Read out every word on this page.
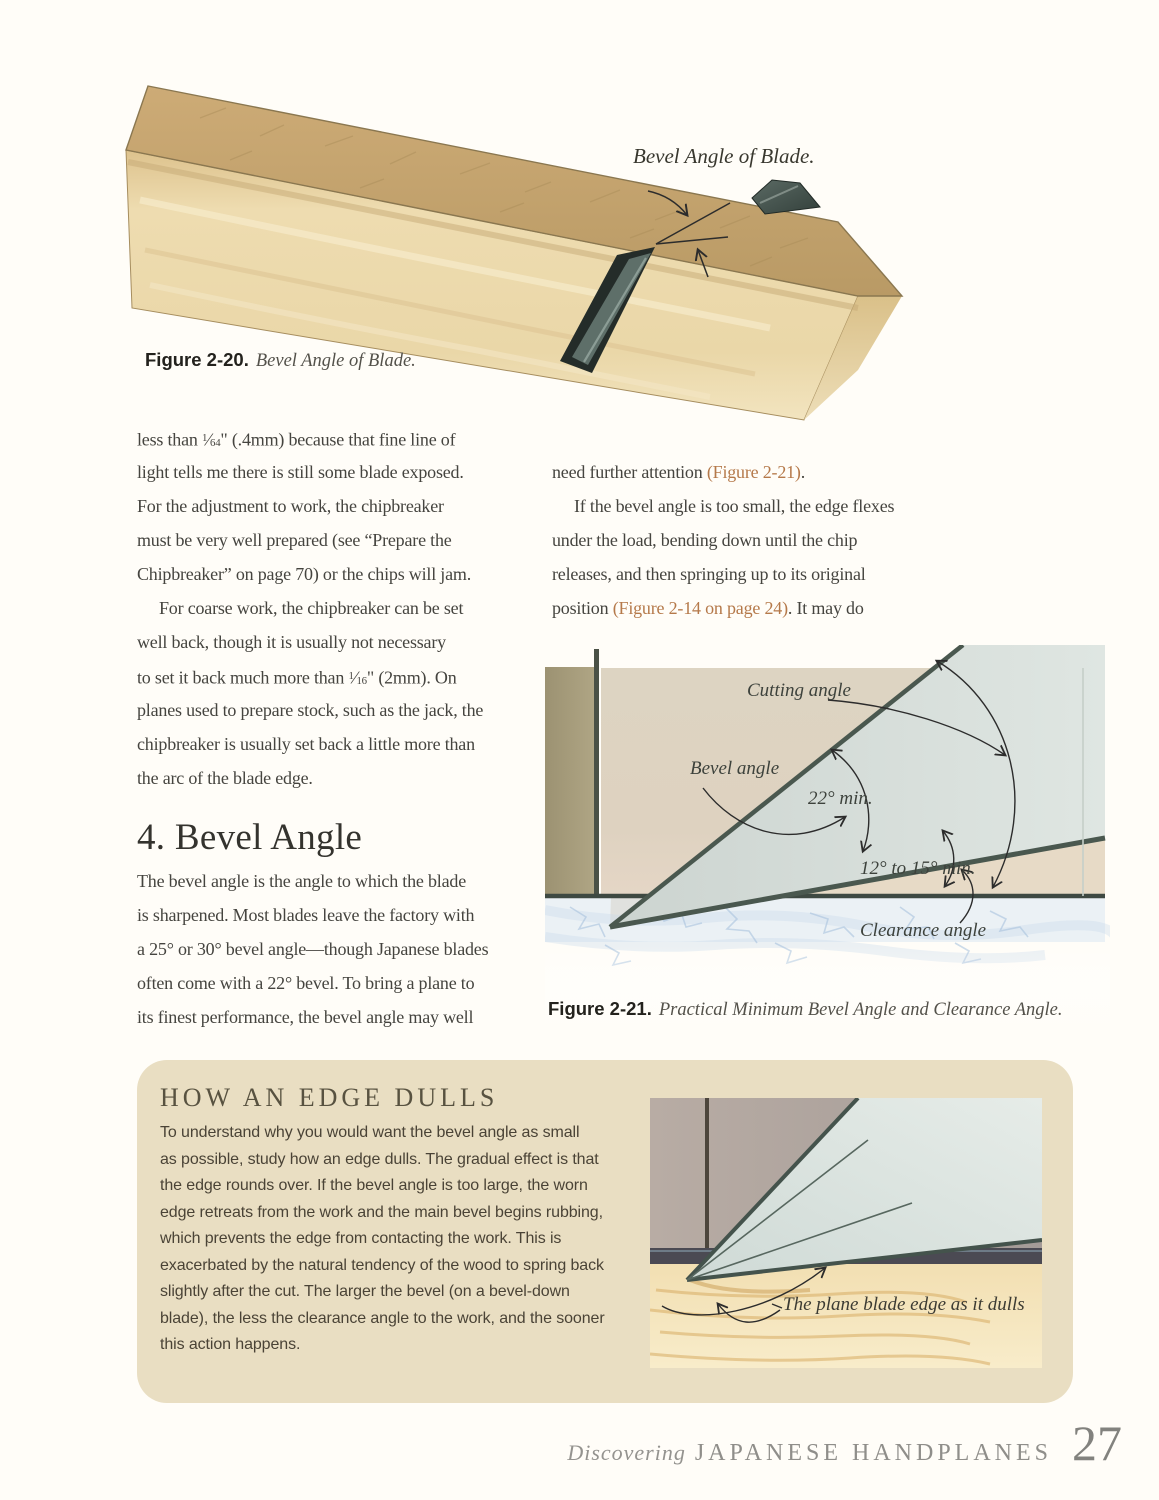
Bevel Angle of Blade.
Figure 2-20. Bevel Angle of Blade.
less than $^1$⁄64" (.4mm) because that fine line of
light tells me there is still some blade exposed.
For the adjustment to work, the chipbreaker
must be very well prepared (see “Prepare the
Chipbreaker” on page 70) or the chips will jam.
For coarse work, the chipbreaker can be set
well back, though it is usually not necessary
to set it back much more than $^1$⁄16" (2mm). On
planes used to prepare stock, such as the jack, the
chipbreaker is usually set back a little more than
the arc of the blade edge.
4. Bevel Angle
The bevel angle is the angle to which the blade
is sharpened. Most blades leave the factory with
a 25° or 30° bevel angle—though Japanese blades
often come with a 22° bevel. To bring a plane to
its finest performance, the bevel angle may well
need further attention (Figure 2-21).
If the bevel angle is too small, the edge flexes
under the load, bending down until the chip
releases, and then springing up to its original
position (Figure 2-14 on page 24). It may do
Cutting angle
Bevel angle
22° min.
12° to 15° min.
Clearance angle
Figure 2-21. Practical Minimum Bevel Angle and Clearance Angle.
HOW AN EDGE DULLS
To understand why you would want the bevel angle as small
as possible, study how an edge dulls. The gradual effect is that
the edge rounds over. If the bevel angle is too large, the worn
edge retreats from the work and the main bevel begins rubbing,
which prevents the edge from contacting the work. This is
exacerbated by the natural tendency of the wood to spring back
slightly after the cut. The larger the bevel (on a bevel-down
blade), the less the clearance angle to the work, and the sooner
this action happens.
The plane blade edge as it dulls
Discovering JAPANESE HANDPLANES 27
